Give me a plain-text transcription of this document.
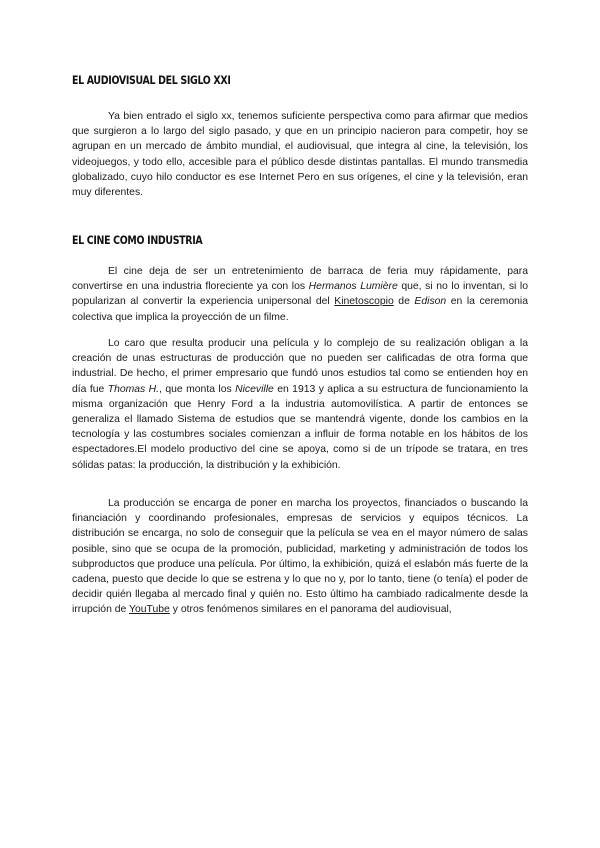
EL AUDIOVISUAL DEL SIGLO XXI

Ya bien entrado el siglo xx, tenemos suficiente perspectiva como para afirmar que medios que surgieron a lo largo del siglo pasado, y que en un principio nacieron para competir, hoy se agrupan en un mercado de ámbito mundial, el audiovisual, que integra al cine, la televisión, los videojuegos, y todo ello, accesible para el público desde distintas pantallas. El mundo transmedia globalizado, cuyo hilo conductor es ese Internet Pero en sus orígenes, el cine y la televisión, eran muy diferentes.

EL CINE COMO INDUSTRIA

El cine deja de ser un entretenimiento de barraca de feria muy rápidamente, para convertirse en una industria floreciente ya con los Hermanos Lumière que, si no lo inventan, si lo popularizan al convertir la experiencia unipersonal del Kinetoscopio de Edison en la ceremonia colectiva que implica la proyección de un filme.

Lo caro que resulta producir una película y lo complejo de su realización obligan a la creación de unas estructuras de producción que no pueden ser calificadas de otra forma que industrial. De hecho, el primer empresario que fundó unos estudios tal como se entienden hoy en día fue Thomas H., que monta los Niceville en 1913 y aplica a su estructura de funcionamiento la misma organización que Henry Ford a la industria automovilística. A partir de entonces se generaliza el llamado Sistema de estudios que se mantendrá vigente, donde los cambios en la tecnología y las costumbres sociales comienzan a influir de forma notable en los hábitos de los espectadores.El modelo productivo del cine se apoya, como si de un trípode se tratara, en tres sólidas patas: la producción, la distribución y la exhibición.

La producción se encarga de poner en marcha los proyectos, financiados o buscando la financiación y coordinando profesionales, empresas de servicios y equipos técnicos. La distribución se encarga, no solo de conseguir que la película se vea en el mayor número de salas posible, sino que se ocupa de la promoción, publicidad, marketing y administración de todos los subproductos que produce una película. Por último, la exhibición, quizá el eslabón más fuerte de la cadena, puesto que decide lo que se estrena y lo que no y, por lo tanto, tiene (o tenía) el poder de decidir quién llegaba al mercado final y quién no. Esto último ha cambiado radicalmente desde la irrupción de YouTube y otros fenómenos similares en el panorama del audiovisual,
